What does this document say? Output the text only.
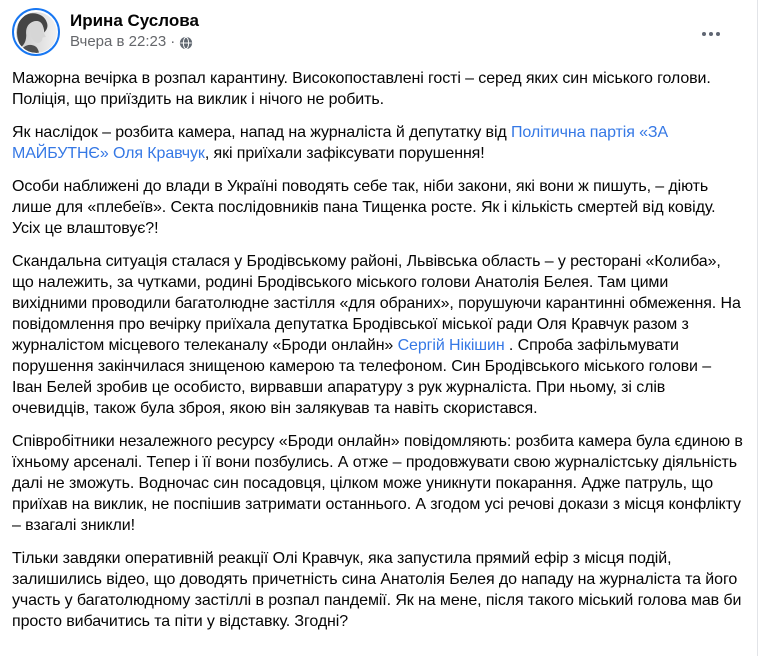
Ирина Суслова
Вчера в 22:23 ·

Мажорна вечірка в розпал карантину. Високопоставлені гості – серед яких син міського голови. Поліція, що приїздить на виклик і нічого не робить.

Як наслідок – розбита камера, напад на журналіста й депутатку від Політична партія «ЗА МАЙБУТНЄ» Оля Кравчук, які приїхали зафіксувати порушення!

Особи наближені до влади в Україні поводять себе так, ніби закони, які вони ж пишуть, – діють лише для «плебеїв». Секта послідовників пана Тищенка росте. Як і кількість смертей від ковіду. Усіх це влаштовує?!

Скандальна ситуація сталася у Бродівському районі, Львівська область – у ресторані «Колиба», що належить, за чутками, родині Бродівського міського голови Анатолія Белея. Там цими вихідними проводили багатолюдне застілля «для обраних», порушуючи карантинні обмеження. На повідомлення про вечірку приїхала депутатка Бродівської міської ради Оля Кравчук разом з журналістом місцевого телеканалу «Броди онлайн» Сергій Нікішин . Спроба зафільмувати порушення закінчилася знищеною камерою та телефоном. Син Бродівського міського голови – Іван Белей зробив це особисто, вирвавши апаратуру з рук журналіста. При ньому, зі слів очевидців, також була зброя, якою він залякував та навіть скористався.

Співробітники незалежного ресурсу «Броди онлайн» повідомляють: розбита камера була єдиною в їхньому арсеналі. Тепер і її вони позбулись. А отже – продовжувати свою журналістську діяльність далі не зможуть. Водночас син посадовця, цілком може уникнути покарання. Адже патруль, що приїхав на виклик, не поспішив затримати останнього. А згодом усі речові докази з місця конфлікту – взагалі зникли!

Тільки завдяки оперативній реакції Олі Кравчук, яка запустила прямий ефір з місця подій, залишились відео, що доводять причетність сина Анатолія Белея до нападу на журналіста та його участь у багатолюдному застіллі в розпал пандемії. Як на мене, після такого міський голова мав би просто вибачитись та піти у відставку. Згодні?
